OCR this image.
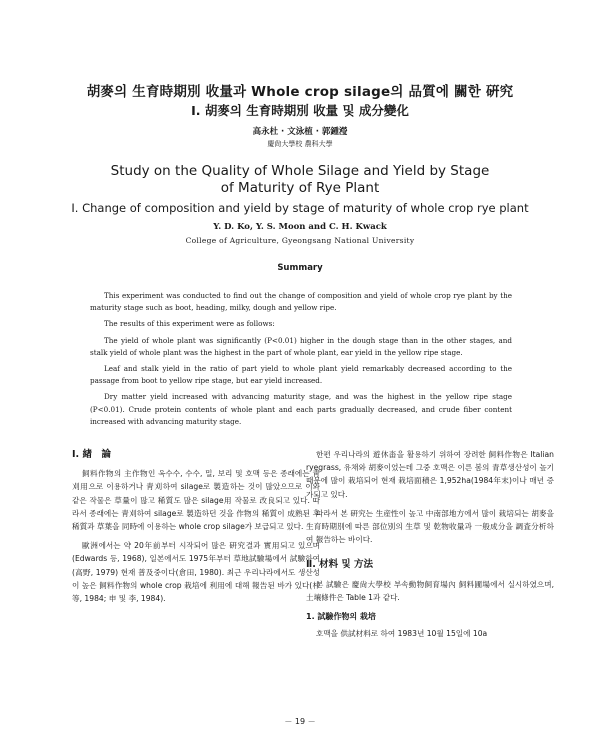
胡麥의 生育時期別 收量과 Whole crop silage의 品質에 關한 硏究
I. 胡麥의 生育時期別 收量 및 成分變化
高永杜 · 文泳植 · 郭鍾瀅
慶尙大學校 農科大學
Study on the Quality of Whole Silage and Yield by Stage
of Maturity of Rye Plant
I. Change of composition and yield by stage of maturity of whole crop rye plant
Y. D. Ko, Y. S. Moon and C. H. Kwack
College of Agriculture, Gyeongsang National University
Summary

This experiment was conducted to find out the change of composition and yield of whole crop rye plant by the maturity stage such as boot, heading, milky, dough and yellow ripe.

The results of this experiment were as follows:

The yield of whole plant was significantly (P<0.01) higher in the dough stage than in the other stages, and stalk yield of whole plant was the highest in the part of whole plant, ear yield in the yellow ripe stage.

Leaf and stalk yield in the ratio of part yield to whole plant yield remarkably decreased according to the passage from boot to yellow ripe stage, but ear yield increased.

Dry matter yield increased with advancing maturity stage, and was the highest in the yellow ripe stage (P<0.01). Crude protein contents of whole plant and each parts gradually decreased, and crude fiber content increased with advancing maturity stage.

I. 緖　論

飼料作物의 主作物인 옥수수, 수수, 밀, 보리 및 호맥 등은 종래에는 靑刈用으로 이용하거나 靑刈하여 silage로 製造하는 것이 많았으므로 이와 같은 작물은 草量이 많고 稀質도 많은 silage用 작물로 改良되고 있다. 따라서 종래에는 靑刈하여 silage로 製造하던 것을 作物의 稀質이 成熟된 후 稀質과 草葉을 同時에 이용하는 whole crop silage가 보급되고 있다.

歐洲에서는 약 20年前부터 시작되어 많은 硏究결과 實用되고 있으며(Edwards 등, 1968), 일본에서도 1975年부터 草地試驗場에서 試驗하여(高野, 1979) 현재 普及중이다(倉田, 1980). 최근 우리나라에서도 생산성이 높은 飼料作物의 whole crop 栽培에 利用에 대해 報告된 바가 있다(朴等, 1984; 申 및 李, 1984).

한편 우리나라의 遊休畓을 활용하기 위하여 장려한 飼料作物은 Italian ryegrass, 유채와 胡麥이었는데 그중 호맥은 이른 봄의 青草생산성이 높기 때문에 많이 栽培되어 현재 栽培面積은 1,952ha(1984年末)이나 매년 증가되고 있다.

따라서 본 硏究는 生産性이 높고 中南部地方에서 많이 栽培되는 胡麥을 生育時期別에 따른 部位別의 生草 및 乾物收量과 一般成分을 調査分析하여 報告하는 바이다.

Ⅱ. 材料 및 方法

본 試驗은 慶尙大學校 부속動物飼育場內 飼料圃場에서 실시하였으며, 土壤條件은 Table 1과 같다.

1. 試驗作物의 栽培

호맥을 供試材料로 하여 1983년 10월 15일에 10a

－ 19 －
